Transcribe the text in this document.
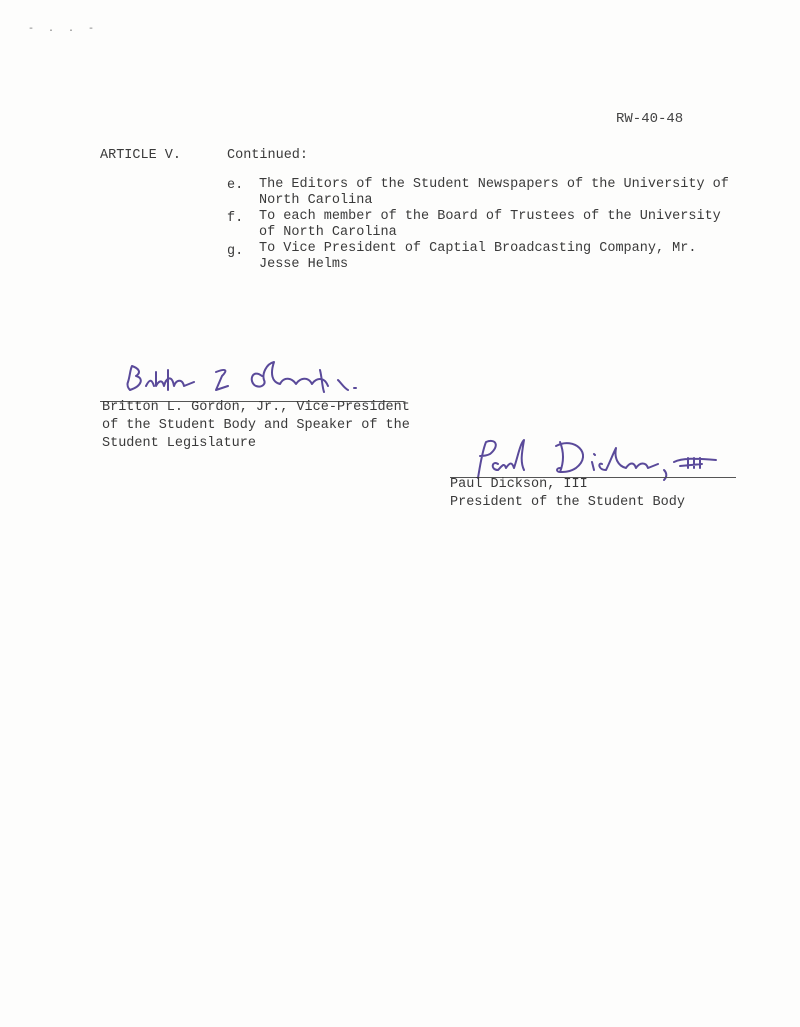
- . . -
RW-40-48
ARTICLE V.	Continued:
e. The Editors of the Student Newspapers of the University of North Carolina
f. To each member of the Board of Trustees of the University of North Carolina
g. To Vice President of Captial Broadcasting Company, Mr. Jesse Helms
Britton L. Gordon, Jr., Vice-President
of the Student Body and Speaker of the
Student Legislature
Paul Dickson, III
President of the Student Body
